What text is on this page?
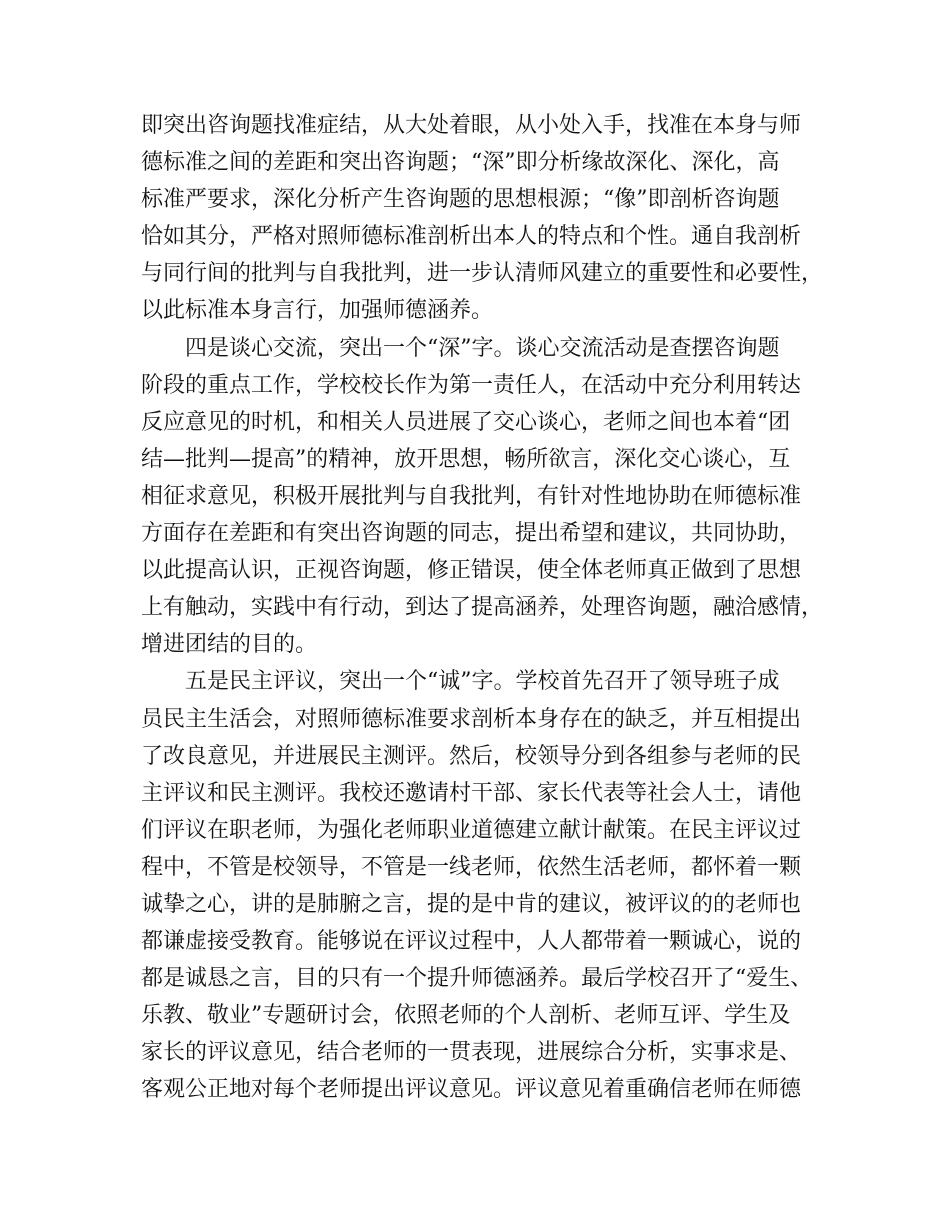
即突出咨询题找准症结，从大处着眼，从小处入手，找准在本身与师
德标准之间的差距和突出咨询题；“深”即分析缘故深化、深化，高
标准严要求，深化分析产生咨询题的思想根源；“像”即剖析咨询题
恰如其分，严格对照师德标准剖析出本人的特点和个性。通自我剖析
与同行间的批判与自我批判，进一步认清师风建立的重要性和必要性，
以此标准本身言行，加强师德涵养。
四是谈心交流，突出一个“深”字。谈心交流活动是查摆咨询题
阶段的重点工作，学校校长作为第一责任人，在活动中充分利用转达
反应意见的时机，和相关人员进展了交心谈心，老师之间也本着“团
结—批判—提高”的精神，放开思想，畅所欲言，深化交心谈心，互
相征求意见，积极开展批判与自我批判，有针对性地协助在师德标准
方面存在差距和有突出咨询题的同志，提出希望和建议，共同协助，
以此提高认识，正视咨询题，修正错误，使全体老师真正做到了思想
上有触动，实践中有行动，到达了提高涵养，处理咨询题，融洽感情，
增进团结的目的。
五是民主评议，突出一个“诚”字。学校首先召开了领导班子成
员民主生活会，对照师德标准要求剖析本身存在的缺乏，并互相提出
了改良意见，并进展民主测评。然后，校领导分到各组参与老师的民
主评议和民主测评。我校还邀请村干部、家长代表等社会人士，请他
们评议在职老师，为强化老师职业道德建立献计献策。在民主评议过
程中，不管是校领导，不管是一线老师，依然生活老师，都怀着一颗
诚挚之心，讲的是肺腑之言，提的是中肯的建议，被评议的的老师也
都谦虚接受教育。能够说在评议过程中，人人都带着一颗诚心，说的
都是诚恳之言，目的只有一个提升师德涵养。最后学校召开了“爱生、
乐教、敬业”专题研讨会，依照老师的个人剖析、老师互评、学生及
家长的评议意见，结合老师的一贯表现，进展综合分析，实事求是、
客观公正地对每个老师提出评议意见。评议意见着重确信老师在师德
